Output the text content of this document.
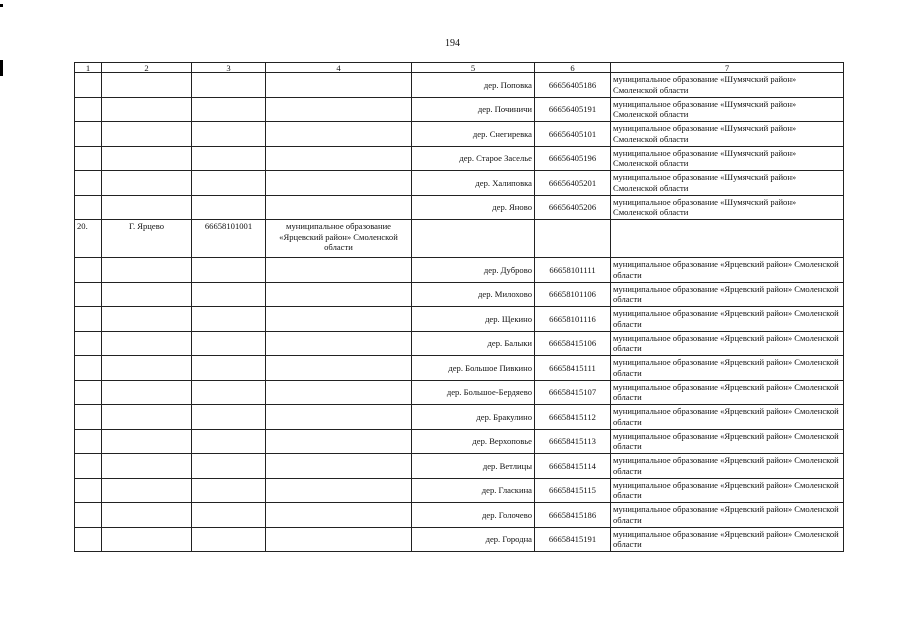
194
1	2	3	4	5	6	7
				дер. Поповка	66656405186	муниципальное образование «Шумячский район» Смоленской области
				дер. Починичи	66656405191	муниципальное образование «Шумячский район» Смоленской области
				дер. Снегиревка	66656405101	муниципальное образование «Шумячский район» Смоленской области
				дер. Старое Заселье	66656405196	муниципальное образование «Шумячский район» Смоленской области
				дер. Халиповка	66656405201	муниципальное образование «Шумячский район» Смоленской области
				дер. Яново	66656405206	муниципальное образование «Шумячский район» Смоленской области
20.	Г. Ярцево	66658101001	муниципальное образование «Ярцевский район» Смоленской области			
				дер. Дуброво	66658101111	муниципальное образование «Ярцевский район» Смоленской области
				дер. Милохово	66658101106	муниципальное образование «Ярцевский район» Смоленской области
				дер. Щекино	66658101116	муниципальное образование «Ярцевский район» Смоленской области
				дер. Балыки	66658415106	муниципальное образование «Ярцевский район» Смоленской области
				дер. Большое Пивкино	66658415111	муниципальное образование «Ярцевский район» Смоленской области
				дер. Большое-Бердяево	66658415107	муниципальное образование «Ярцевский район» Смоленской области
				дер. Бракулино	66658415112	муниципальное образование «Ярцевский район» Смоленской области
				дер. Верхоповье	66658415113	муниципальное образование «Ярцевский район» Смоленской области
				дер. Ветлицы	66658415114	муниципальное образование «Ярцевский район» Смоленской области
				дер. Гласкина	66658415115	муниципальное образование «Ярцевский район» Смоленской области
				дер. Голочево	66658415186	муниципальное образование «Ярцевский район» Смоленской области
				дер. Городна	66658415191	муниципальное образование «Ярцевский район» Смоленской области
